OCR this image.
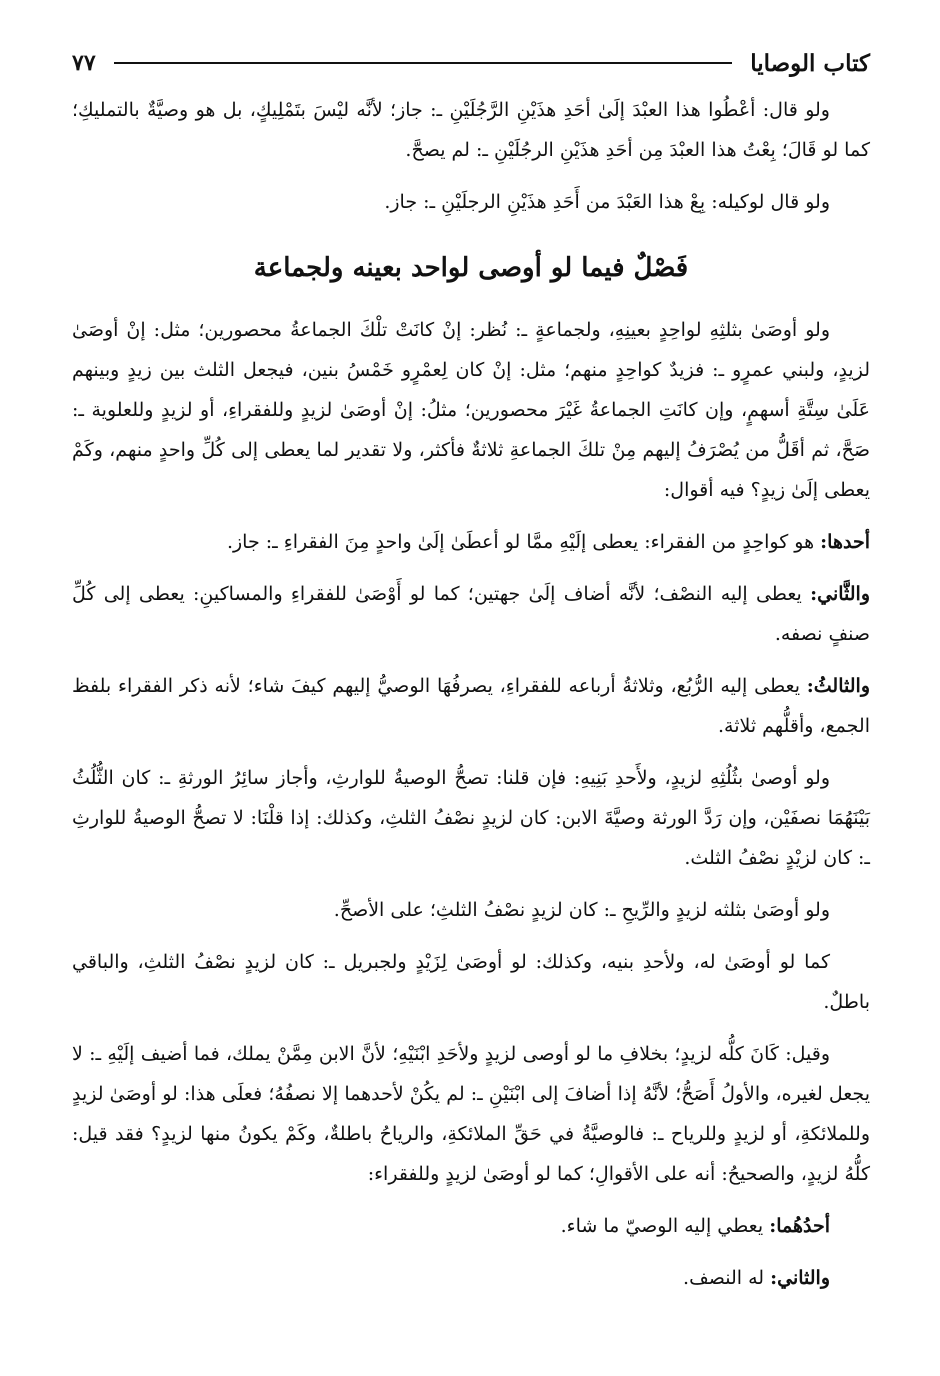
كتاب الوصايا
٧٧

ولو قال: أعْطُوا هذا العبْدَ إلَىٰ أحَدِ هذَيْنِ الرَّجُلَيْنِ ـ: جاز؛ لأنَّه ليْسَ بتَمْلِيكٍ، بل هو وصيَّةٌ بالتمليكِ؛ كما لو قَالَ؛ بِعْتُ هذا العبْدَ مِن أحَدِ هذَيْنِ الرجُلَيْنِ ـ: لم يصحَّ.

ولو قال لوكيله: بِعْ هذا العَبْدَ من أَحَدِ هذَيْنِ الرجلَيْنِ ـ: جاز.

فَصْلٌ فيما لو أوصى لواحد بعينه ولجماعة

ولو أوصَىٰ بثلثِهِ لواحِدٍ بعينِهِ، ولجماعةٍ ـ: نُظر: إنْ كانَتْ تلْكَ الجماعةُ محصورين؛ مثل: إنْ أوصَىٰ لزيدٍ، ولبني عمرٍو ـ: فزيدٌ كواحِدٍ منهم؛ مثل: إنْ كان لِعمْرٍو خَمْسُ بنين، فيجعل الثلث بين زيدٍ وبينهم عَلَىٰ سِتَّةِ أسهمٍ، وإن كانَتِ الجماعةُ غَيْرَ محصورين؛ مثلُ: إنْ أوصَىٰ لزيدٍ وللفقراءِ، أو لزيدٍ وللعلوية ـ: صَحَّ، ثم أقَلُّ من يُصْرَفُ إليهم مِنْ تلكَ الجماعةِ ثلاثةٌ فأكثر، ولا تقدير لما يعطى إلى كُلِّ واحدٍ منهم، وكَمْ يعطى إلَىٰ زيدٍ؟ فيه أقوال:

أحدها: هو كواحِدٍ من الفقراء: يعطى إلَيْهِ ممَّا لو أعطَىٰ إلَىٰ واحدٍ مِنَ الفقراءِ ـ: جاز.

والثَّاني: يعطى إليه النصْف؛ لأنَّه أضاف إلَىٰ جهتين؛ كما لو أَوْصَىٰ للفقراءِ والمساكينِ: يعطى إلى كُلِّ صنفٍ نصفه.

والثالثُ: يعطى إليه الرُّبُع، وثلاثةُ أرباعه للفقراءِ، يصرفُهَا الوصيُّ إليهم كيفَ شاء؛ لأنه ذكر الفقراء بلفظ الجمع، وأقلُّهم ثلاثة.

ولو أوصىٰ بثُلُثِهِ لزيدٍ، ولأَحدِ بَنِيهِ: فإن قلنا: تصحُّ الوصيةُ للوارثِ، وأجاز سائِرُ الورثةِ ـ: كان الثُّلُثُ بَيْنَهُمَا نصفَيْن، وإن رَدَّ الورثة وصيَّةَ الابن: كان لزيدٍ نصْفُ الثلثِ، وكذلك: إذا قلْنَا: لا تصحُّ الوصيةُ للوارثِ ـ: كان لزيْدٍ نصْفُ الثلث.

ولو أوصَىٰ بثلثه لزيدٍ والرِّيحِ ـ: كان لزيدٍ نصْفُ الثلثِ؛ على الأصحِّ.

كما لو أوصَىٰ له، ولأحدِ بنيه، وكذلك: لو أوصَىٰ لِزَيْدٍ ولجبريل ـ: كان لزيدٍ نصْفُ الثلثِ، والباقي باطلٌ.

وقيل: كَانَ كلُّه لزيدٍ؛ بخلافِ ما لو أوصى لزيدٍ ولأحَدِ ابْنَيْهِ؛ لأنَّ الابن مِمَّنْ يملك، فما أضيف إلَيْهِ ـ: لا يجعل لغيره، والأولُ أَصَحُّ؛ لأنَّهُ إذا أضافَ إلى ابْنَيْنِ ـ: لم يكُنْ لأحدهما إلا نصفُهُ؛ فعلَى هذا: لو أوصَىٰ لزيدٍ وللملائكةِ، أو لزيدٍ وللرياح ـ: فالوصيَّةُ في حَقِّ الملائكةِ، والرياحُ باطلةٌ، وكَمْ يكونُ منها لزيدٍ؟ فقد قيل: كلُّهُ لزيدٍ، والصحيحُ: أنه على الأقوالِ؛ كما لو أوصَىٰ لزيدٍ وللفقراء:

أحدُهُما: يعطي إليه الوصيّ ما شاء.

والثاني: له النصف.
